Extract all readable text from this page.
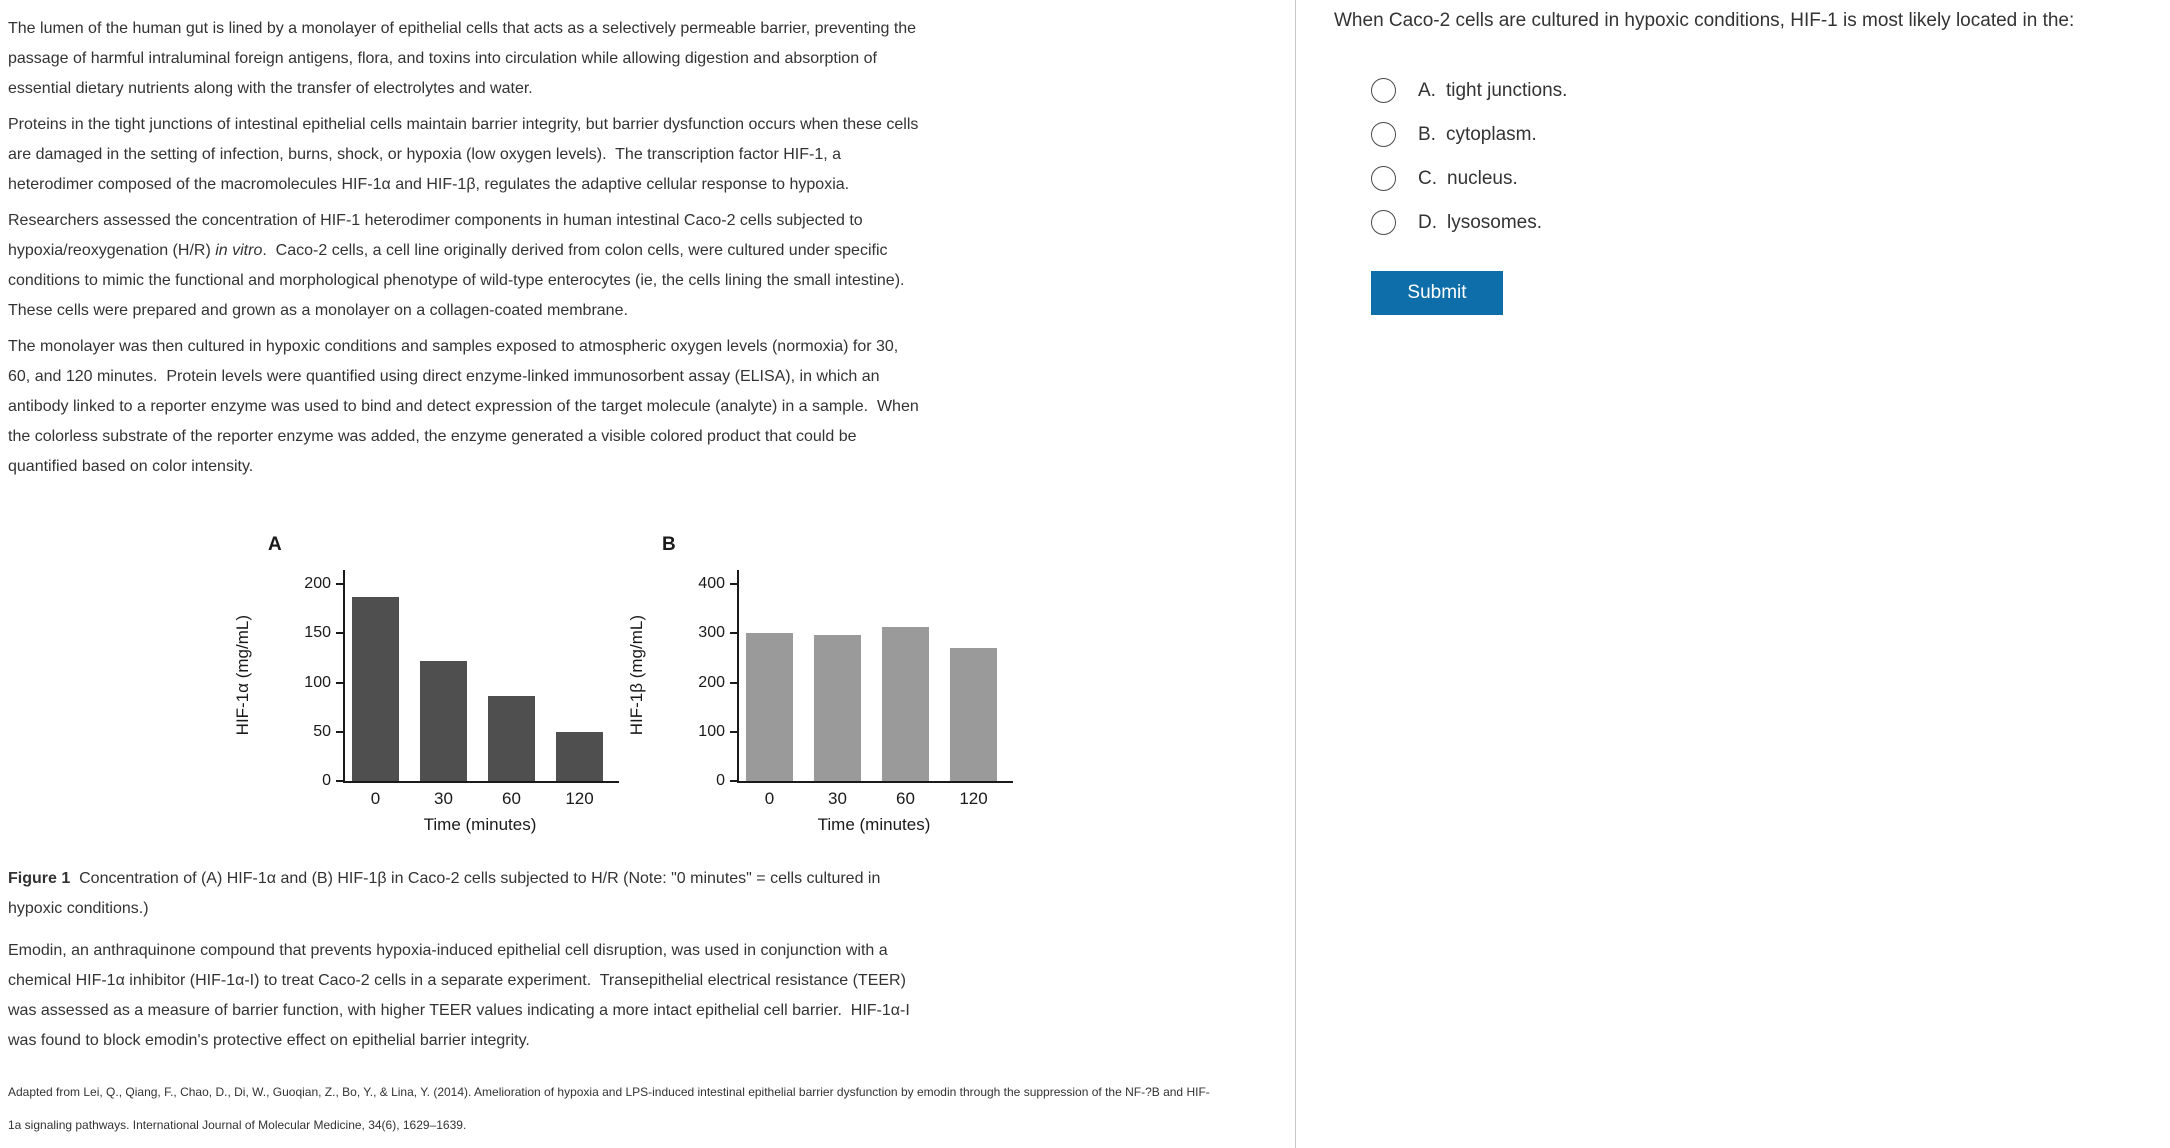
The lumen of the human gut is lined by a monolayer of epithelial cells that acts as a selectively permeable barrier, preventing the passage of harmful intraluminal foreign antigens, flora, and toxins into circulation while allowing digestion and absorption of essential dietary nutrients along with the transfer of electrolytes and water.

Proteins in the tight junctions of intestinal epithelial cells maintain barrier integrity, but barrier dysfunction occurs when these cells are damaged in the setting of infection, burns, shock, or hypoxia (low oxygen levels).  The transcription factor HIF-1, a heterodimer composed of the macromolecules HIF-1α and HIF-1β, regulates the adaptive cellular response to hypoxia.

Researchers assessed the concentration of HIF-1 heterodimer components in human intestinal Caco-2 cells subjected to hypoxia/reoxygenation (H/R) in vitro.  Caco-2 cells, a cell line originally derived from colon cells, were cultured under specific conditions to mimic the functional and morphological phenotype of wild-type enterocytes (ie, the cells lining the small intestine).  These cells were prepared and grown as a monolayer on a collagen-coated membrane.

The monolayer was then cultured in hypoxic conditions and samples exposed to atmospheric oxygen levels (normoxia) for 30, 60, and 120 minutes.  Protein levels were quantified using direct enzyme-linked immunosorbent assay (ELISA), in which an antibody linked to a reporter enzyme was used to bind and detect expression of the target molecule (analyte) in a sample.  When the colorless substrate of the reporter enzyme was added, the enzyme generated a visible colored product that could be quantified based on color intensity.

A
HIF-1α (mg/mL)
0
50
100
150
200
0	30	60	120
Time (minutes)
B
HIF-1β (mg/mL)
0
100
200
300
400
0	30	60	120
Time (minutes)

Figure 1  Concentration of (A) HIF-1α and (B) HIF-1β in Caco-2 cells subjected to H/R (Note: "0 minutes" = cells cultured in hypoxic conditions.)

Emodin, an anthraquinone compound that prevents hypoxia-induced epithelial cell disruption, was used in conjunction with a chemical HIF-1α inhibitor (HIF-1α-I) to treat Caco-2 cells in a separate experiment.  Transepithelial electrical resistance (TEER) was assessed as a measure of barrier function, with higher TEER values indicating a more intact epithelial cell barrier.  HIF-1α-I was found to block emodin's protective effect on epithelial barrier integrity.

Adapted from Lei, Q., Qiang, F., Chao, D., Di, W., Guoqian, Z., Bo, Y., & Lina, Y. (2014). Amelioration of hypoxia and LPS-induced intestinal epithelial barrier dysfunction by emodin through the suppression of the NF-?B and HIF-
1a signaling pathways. International Journal of Molecular Medicine, 34(6), 1629–1639.
When Caco-2 cells are cultured in hypoxic conditions, HIF-1 is most likely located in the:
A. tight junctions.
B. cytoplasm.
C. nucleus.
D. lysosomes.
Submit
